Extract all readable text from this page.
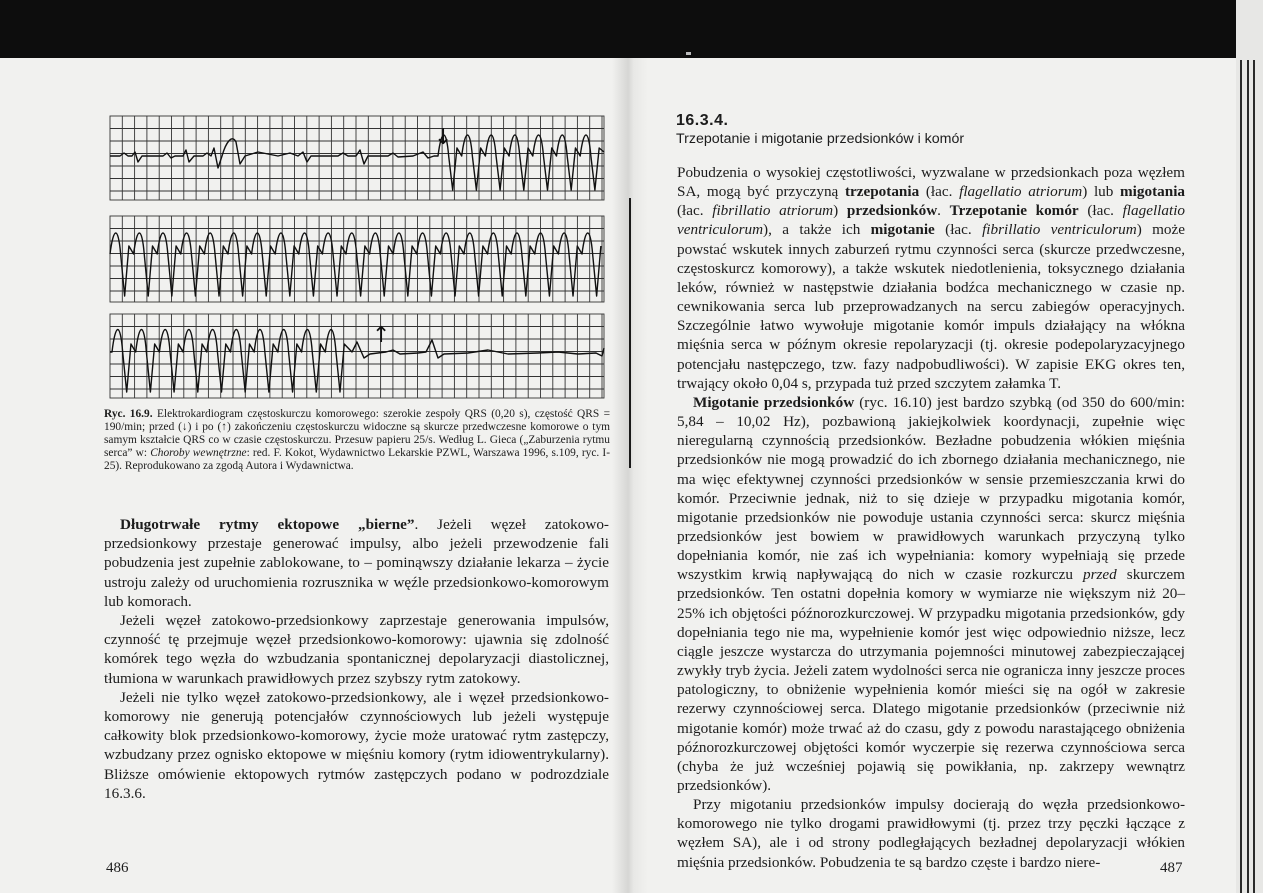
↓
↑
Ryc. 16.9. Elektrokardiogram częstoskurczu komorowego: szerokie zespoły QRS (0,20 s), częstość QRS = 190/min; przed (↓) i po (↑) zakończeniu częstoskurczu widoczne są skurcze przedwczesne komorowe o tym samym kształcie QRS co w czasie częstoskurczu. Przesuw papieru 25/s. Według L. Gieca („Zaburzenia rytmu serca” w: Choroby wewnętrzne: red. F. Kokot, Wydawnictwo Lekarskie PZWL, Warszawa 1996, s.109, ryc. I-25). Reprodukowano za zgodą Autora i Wydawnictwa.

Długotrwałe rytmy ektopowe „bierne”. Jeżeli węzeł zatokowo-przedsionkowy przestaje generować impulsy, albo jeżeli przewodzenie fali pobudzenia jest zupełnie zablokowane, to – pominąwszy działanie lekarza – życie ustroju zależy od uruchomienia rozrusznika w węźle przedsionkowo-komorowym lub komorach.

Jeżeli węzeł zatokowo-przedsionkowy zaprzestaje generowania impulsów, czynność tę przejmuje węzeł przedsionkowo-komorowy: ujawnia się zdolność komórek tego węzła do wzbudzania spontanicznej depolaryzacji diastolicznej, tłumiona w warunkach prawidłowych przez szybszy rytm zatokowy.

Jeżeli nie tylko węzeł zatokowo-przedsionkowy, ale i węzeł przedsionkowo-komorowy nie generują potencjałów czynnościowych lub jeżeli występuje całkowity blok przedsionkowo-komorowy, życie może uratować rytm zastępczy, wzbudzany przez ognisko ektopowe w mięśniu komory (rytm idiowentrykularny). Bliższe omówienie ektopowych rytmów zastępczych podano w podrozdziale 16.3.6.

486
16.3.4.
Trzepotanie i migotanie przedsionków i komór

Pobudzenia o wysokiej częstotliwości, wyzwalane w przedsionkach poza węzłem SA, mogą być przyczyną trzepotania (łac. flagellatio atriorum) lub migotania (łac. fibrillatio atriorum) przedsionków. Trzepotanie komór (łac. flagellatio ventriculorum), a także ich migotanie (łac. fibrillatio ventriculorum) może powstać wskutek innych zaburzeń rytmu czynności serca (skurcze przedwczesne, częstoskurcz komorowy), a także wskutek niedotlenienia, toksycznego działania leków, również w następstwie działania bodźca mechanicznego w czasie np. cewnikowania serca lub przeprowadzanych na sercu zabiegów operacyjnych. Szczególnie łatwo wywołuje migotanie komór impuls działający na włókna mięśnia serca w późnym okresie repolaryzacji (tj. okresie podepolaryzacyjnego potencjału następczego, tzw. fazy nadpobudliwości). W zapisie EKG okres ten, trwający około 0,04 s, przypada tuż przed szczytem załamka T.

Migotanie przedsionków (ryc. 16.10) jest bardzo szybką (od 350 do 600/min: 5,84 – 10,02 Hz), pozbawioną jakiejkolwiek koordynacji, zupełnie więc nieregularną czynnością przedsionków. Bezładne pobudzenia włókien mięśnia przedsionków nie mogą prowadzić do ich zbornego działania mechanicznego, nie ma więc efektywnej czynności przedsionków w sensie przemieszczania krwi do komór. Przeciwnie jednak, niż to się dzieje w przypadku migotania komór, migotanie przedsionków nie powoduje ustania czynności serca: skurcz mięśnia przedsionków jest bowiem w prawidłowych warunkach przyczyną tylko dopełniania komór, nie zaś ich wypełniania: komory wypełniają się przede wszystkim krwią napływającą do nich w czasie rozkurczu przed skurczem przedsionków. Ten ostatni dopełnia komory w wymiarze nie większym niż 20–25% ich objętości późnorozkurczowej. W przypadku migotania przedsionków, gdy dopełniania tego nie ma, wypełnienie komór jest więc odpowiednio niższe, lecz ciągle jeszcze wystarcza do utrzymania pojemności minutowej zabezpieczającej zwykły tryb życia. Jeżeli zatem wydolności serca nie ogranicza inny jeszcze proces patologiczny, to obniżenie wypełnienia komór mieści się na ogół w zakresie rezerwy czynnościowej serca. Dlatego migotanie przedsionków (przeciwnie niż migotanie komór) może trwać aż do czasu, gdy z powodu narastającego obniżenia późnorozkurczowej objętości komór wyczerpie się rezerwa czynnościowa serca (chyba że już wcześniej pojawią się powikłania, np. zakrzepy wewnątrz przedsionków).

Przy migotaniu przedsionków impulsy docierają do węzła przedsionkowo-komorowego nie tylko drogami prawidłowymi (tj. przez trzy pęczki łączące z węzłem SA), ale i od strony podległających bezładnej depolaryzacji włókien mięśnia przedsionków. Pobudzenia te są bardzo częste i bardzo niere-	487
